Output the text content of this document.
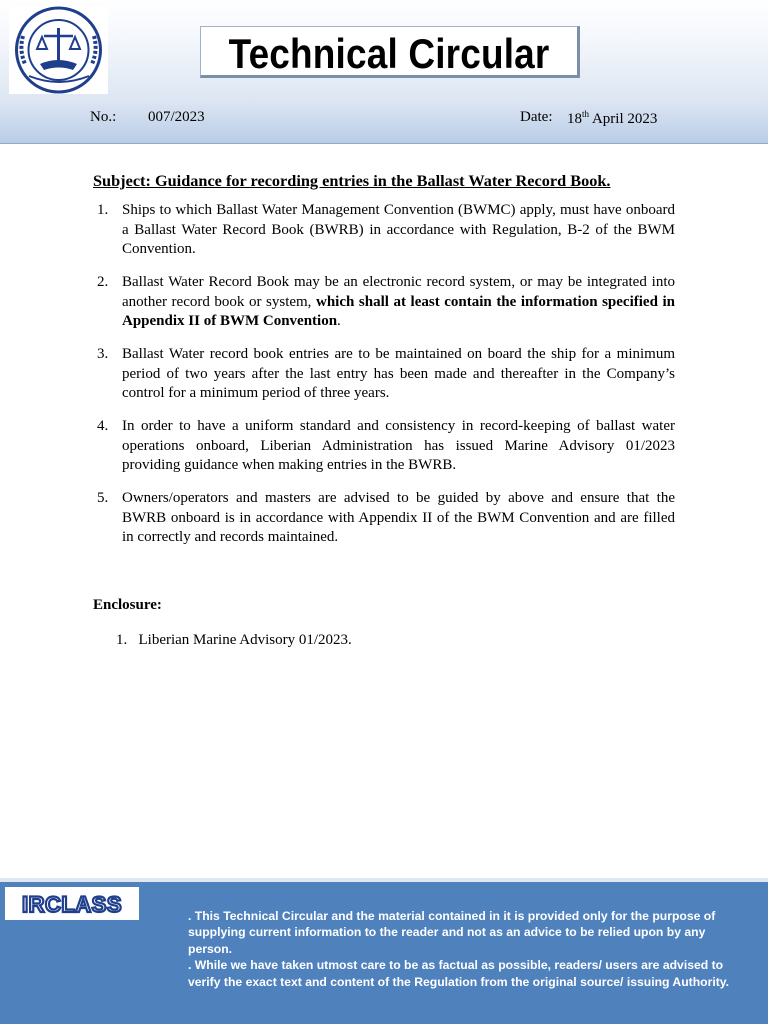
Technical Circular
No.: 007/2023	Date: 18th April 2023
Subject: Guidance for recording entries in the Ballast Water Record Book.
1. Ships to which Ballast Water Management Convention (BWMC) apply, must have onboard a Ballast Water Record Book (BWRB) in accordance with Regulation, B-2 of the BWM Convention.
2. Ballast Water Record Book may be an electronic record system, or may be integrated into another record book or system, which shall at least contain the information specified in Appendix II of BWM Convention.
3. Ballast Water record book entries are to be maintained on board the ship for a minimum period of two years after the last entry has been made and thereafter in the Company’s control for a minimum period of three years.
4. In order to have a uniform standard and consistency in record-keeping of ballast water operations onboard, Liberian Administration has issued Marine Advisory 01/2023 providing guidance when making entries in the BWRB.
5. Owners/operators and masters are advised to be guided by above and ensure that the BWRB onboard is in accordance with Appendix II of the BWM Convention and are filled in correctly and records maintained.
Enclosure:
1. Liberian Marine Advisory 01/2023.
IRCLASS	. This Technical Circular and the material contained in it is provided only for the purpose of supplying current information to the reader and not as an advice to be relied upon by any person.
. While we have taken utmost care to be as factual as possible, readers/ users are advised to verify the exact text and content of the Regulation from the original source/ issuing Authority.
